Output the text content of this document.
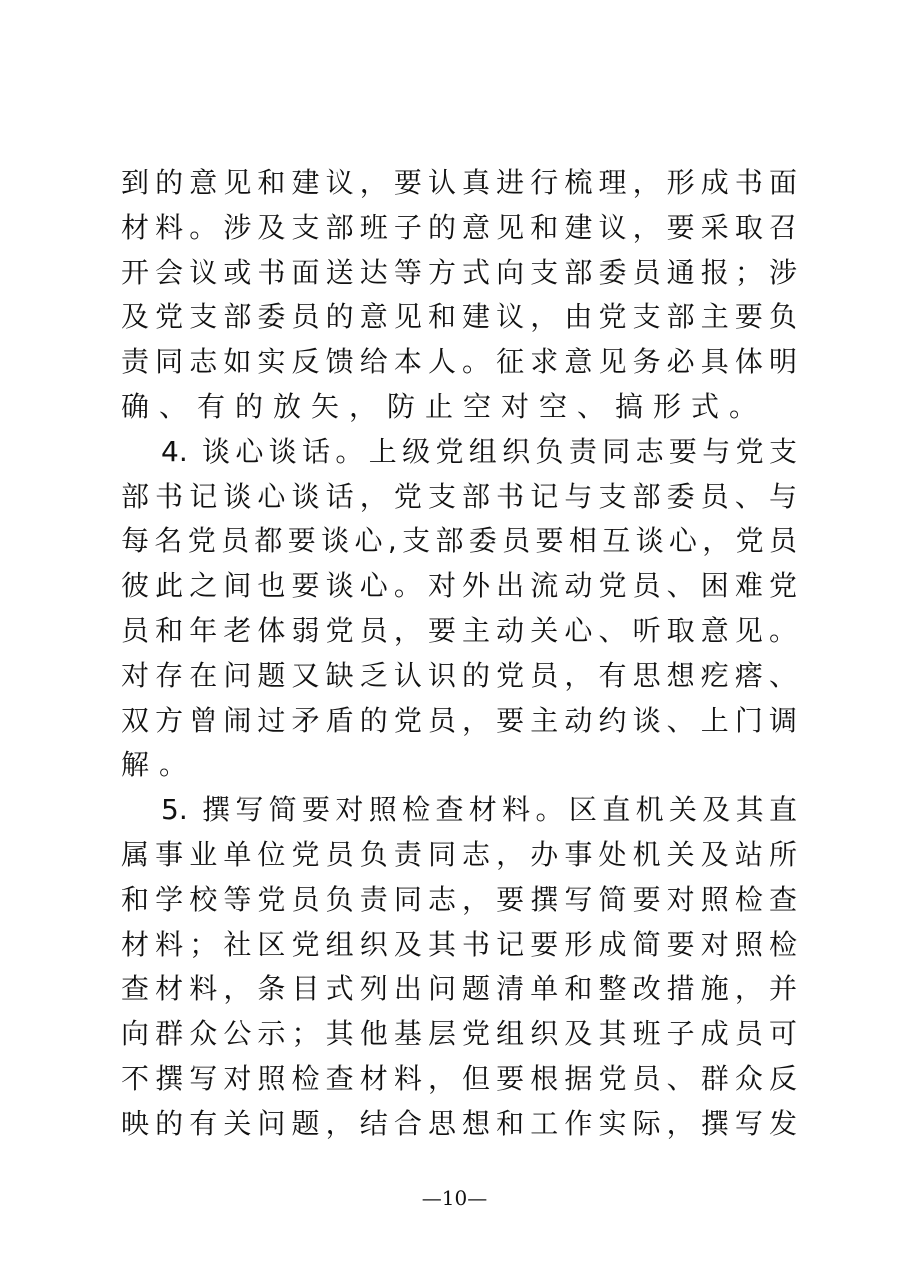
到的意见和建议，要认真进行梳理，形成书面
材料。涉及支部班子的意见和建议，要采取召
开会议或书面送达等方式向支部委员通报；涉
及党支部委员的意见和建议，由党支部主要负
责同志如实反馈给本人。征求意见务必具体明
确、有的放矢，防止空对空、搞形式。
4. 谈心谈话。上级党组织负责同志要与党支
部书记谈心谈话，党支部书记与支部委员、与
每名党员都要谈心,支部委员要相互谈心，党员
彼此之间也要谈心。对外出流动党员、困难党
员和年老体弱党员，要主动关心、听取意见。
对存在问题又缺乏认识的党员，有思想疙瘩、
双方曾闹过矛盾的党员，要主动约谈、上门调
解。
5. 撰写简要对照检查材料。区直机关及其直
属事业单位党员负责同志，办事处机关及站所
和学校等党员负责同志，要撰写简要对照检查
材料；社区党组织及其书记要形成简要对照检
查材料，条目式列出问题清单和整改措施，并
向群众公示；其他基层党组织及其班子成员可
不撰写对照检查材料，但要根据党员、群众反
映的有关问题，结合思想和工作实际，撰写发
—10—
